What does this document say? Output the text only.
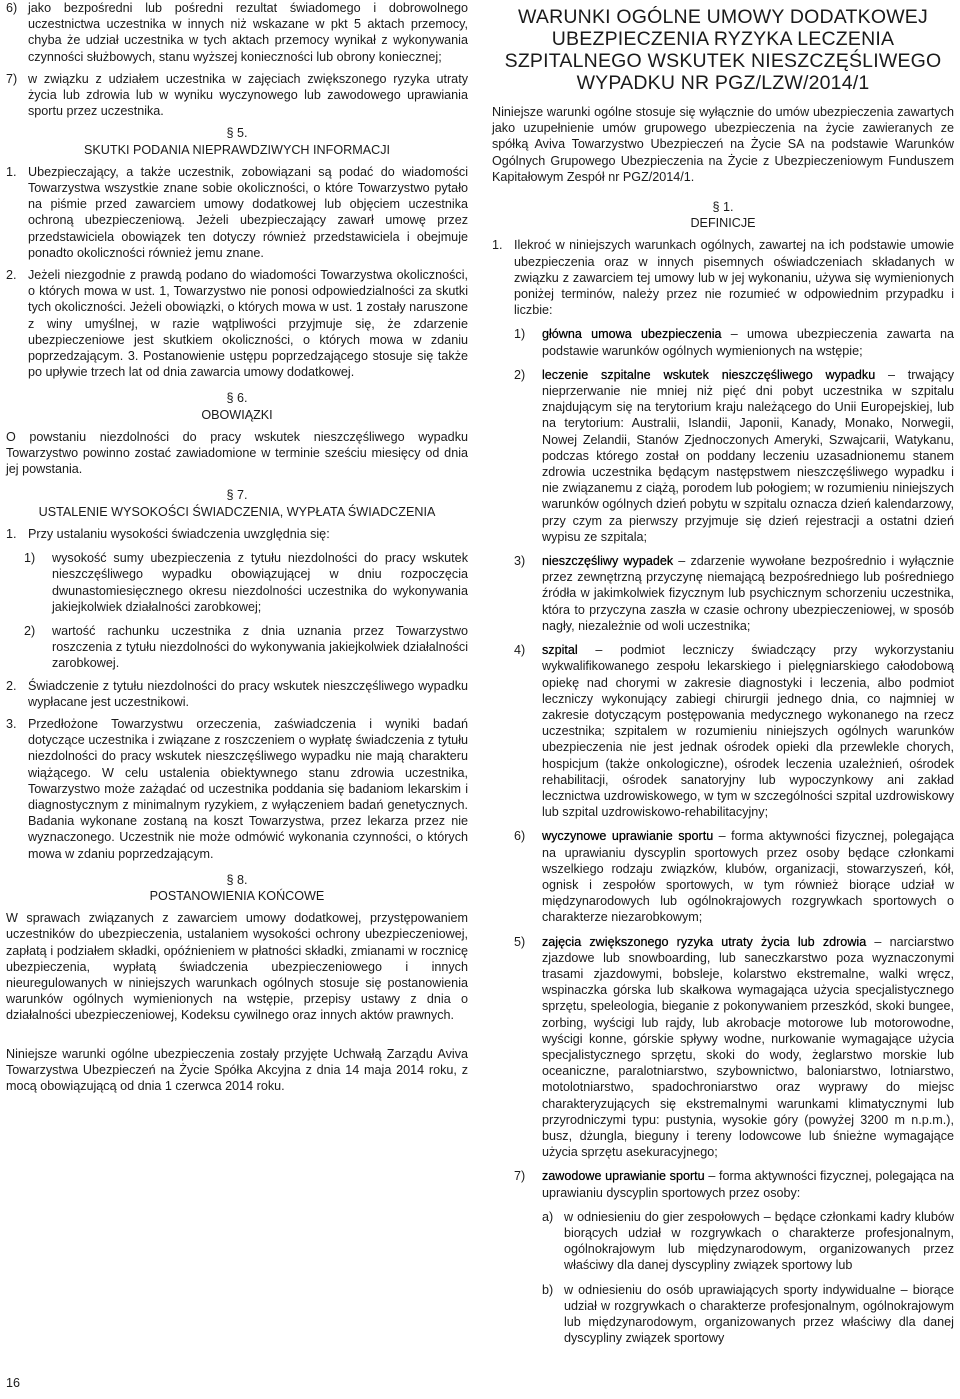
6) jako bezpośredni lub pośredni rezultat świadomego i dobrowolnego uczestnictwa uczestnika w innych niż wskazane w pkt 5 aktach przemocy, chyba że udział uczestnika w tych aktach przemocy wynikał z wykonywania czynności służbowych, stanu wyższej konieczności lub obrony koniecznej;
7) w związku z udziałem uczestnika w zajęciach zwiększonego ryzyka utraty życia lub zdrowia lub w wyniku wyczynowego lub zawodowego uprawiania sportu przez uczestnika.
§ 5.
SKUTKI PODANIA NIEPRAWDZIWYCH INFORMACJI
1. Ubezpieczający, a także uczestnik, zobowiązani są podać do wiadomości Towarzystwa wszystkie znane sobie okoliczności, o które Towarzystwo pytało na piśmie przed zawarciem umowy dodatkowej lub objęciem uczestnika ochroną ubezpieczeniową. Jeżeli ubezpieczający zawarł umowę przez przedstawiciela obowiązek ten dotyczy również przedstawiciela i obejmuje ponadto okoliczności również jemu znane.
2. Jeżeli niezgodnie z prawdą podano do wiadomości Towarzystwa okoliczności, o których mowa w ust. 1, Towarzystwo nie ponosi odpowiedzialności za skutki tych okoliczności. Jeżeli obowiązki, o których mowa w ust. 1 zostały naruszone z winy umyślnej, w razie wątpliwości przyjmuje się, że zdarzenie ubezpieczeniowe jest skutkiem okoliczności, o których mowa w zdaniu poprzedzającym. 3. Postanowienie ustępu poprzedzającego stosuje się także po upływie trzech lat od dnia zawarcia umowy dodatkowej.
§ 6.
OBOWIĄZKI
O powstaniu niezdolności do pracy wskutek nieszczęśliwego wypadku Towarzystwo powinno zostać zawiadomione w terminie sześciu miesięcy od dnia jej powstania.
§ 7.
USTALENIE WYSOKOŚCI ŚWIADCZENIA, WYPŁATA ŚWIADCZENIA
1. Przy ustalaniu wysokości świadczenia uwzględnia się:
1)	wysokość sumy ubezpieczenia z tytułu niezdolności do pracy wskutek nieszczęśliwego wypadku obowiązującej w dniu rozpoczęcia dwunastomiesięcznego okresu niezdolności uczestnika do wykonywania jakiejkolwiek działalności zarobkowej;
2)	wartość rachunku uczestnika z dnia uznania przez Towarzystwo roszczenia z tytułu niezdolności do wykonywania jakiejkolwiek działalności zarobkowej.
2. Świadczenie z tytułu niezdolności do pracy wskutek nieszczęśliwego wypadku wypłacane jest uczestnikowi.
3. Przedłożone Towarzystwu orzeczenia, zaświadczenia i wyniki badań dotyczące uczestnika i związane z roszczeniem o wypłatę świadczenia z tytułu niezdolności do pracy wskutek nieszczęśliwego wypadku nie mają charakteru wiążącego. W celu ustalenia obiektywnego stanu zdrowia uczestnika, Towarzystwo może zażądać od uczestnika poddania się badaniom lekarskim i diagnostycznym z minimalnym ryzykiem, z wyłączeniem badań genetycznych. Badania wykonane zostaną na koszt Towarzystwa, przez lekarza przez nie wyznaczonego. Uczestnik nie może odmówić wykonania czynności, o których mowa w zdaniu poprzedzającym.
§ 8.
POSTANOWIENIA KOŃCOWE
W sprawach związanych z zawarciem umowy dodatkowej, przystępowaniem uczestników do ubezpieczenia, ustalaniem wysokości ochrony ubezpieczeniowej, zapłatą i podziałem składki, opóźnieniem w płatności składki, zmianami w rocznicę ubezpieczenia, wypłatą świadczenia ubezpieczeniowego i innych nieuregulowanych w niniejszych warunkach ogólnych stosuje się postanowienia warunków ogólnych wymienionych na wstępie, przepisy ustawy z dnia o działalności ubezpieczeniowej, Kodeksu cywilnego oraz innych aktów prawnych.
Niniejsze warunki ogólne ubezpieczenia zostały przyjęte Uchwałą Zarządu Aviva Towarzystwa Ubezpieczeń na Życie Spółka Akcyjna z dnia 14 maja 2014 roku, z mocą obowiązującą od dnia 1 czerwca 2014 roku.
WARUNKI OGÓLNE UMOWY DODATKOWEJ UBEZPIECZENIA RYZYKA LECZENIA SZPITALNEGO WSKUTEK NIESZCZĘŚLIWEGO WYPADKU NR PGZ/LZW/2014/1
Niniejsze warunki ogólne stosuje się wyłącznie do umów ubezpieczenia zawartych jako uzupełnienie umów grupowego ubezpieczenia na życie zawieranych ze spółką Aviva Towarzystwo Ubezpieczeń na Życie SA na podstawie Warunków Ogólnych Grupowego Ubezpieczenia na Życie z Ubezpieczeniowym Funduszem Kapitałowym Zespół nr PGZ/2014/1.
§ 1.
DEFINICJE
1. Ilekroć w niniejszych warunkach ogólnych, zawartej na ich podstawie umowie ubezpieczenia oraz w innych pisemnych oświadczeniach składanych w związku z zawarciem tej umowy lub w jej wykonaniu, używa się wymienionych poniżej terminów, należy przez nie rozumieć w odpowiednim przypadku i liczbie:
1)	główna umowa ubezpieczenia – umowa ubezpieczenia zawarta na podstawie warunków ogólnych wymienionych na wstępie;
2)	leczenie szpitalne wskutek nieszczęśliwego wypadku – trwający nieprzerwanie nie mniej niż pięć dni pobyt uczestnika w szpitalu znajdującym się na terytorium kraju należącego do Unii Europejskiej, lub na terytorium: Australii, Islandii, Japonii, Kanady, Monako, Norwegii, Nowej Zelandii, Stanów Zjednoczonych Ameryki, Szwajcarii, Watykanu, podczas którego został on poddany leczeniu uzasadnionemu stanem zdrowia uczestnika będącym następstwem nieszczęśliwego wypadku i nie związanemu z ciążą, porodem lub połogiem; w rozumieniu niniejszych warunków ogólnych dzień pobytu w szpitalu oznacza dzień kalendarzowy, przy czym za pierwszy przyjmuje się dzień rejestracji a ostatni dzień wypisu ze szpitala;
3)	nieszczęśliwy wypadek – zdarzenie wywołane bezpośrednio i wyłącznie przez zewnętrzną przyczynę niemającą bezpośredniego lub pośredniego źródła w jakimkolwiek fizycznym lub psychicznym schorzeniu uczestnika, która to przyczyna zaszła w czasie ochrony ubezpieczeniowej, w sposób nagły, niezależnie od woli uczestnika;
4)	szpital – podmiot leczniczy świadczący przy wykorzystaniu wykwalifikowanego zespołu lekarskiego i pielęgniarskiego całodobową opiekę nad chorymi w zakresie diagnostyki i leczenia, albo podmiot leczniczy wykonujący zabiegi chirurgii jednego dnia, co najmniej w zakresie dotyczącym postępowania medycznego wykonanego na rzecz uczestnika; szpitalem w rozumieniu niniejszych ogólnych warunków ubezpieczenia nie jest jednak ośrodek opieki dla przewlekle chorych, hospicjum (także onkologiczne), ośrodek leczenia uzależnień, ośrodek rehabilitacji, ośrodek sanatoryjny lub wypoczynkowy ani zakład lecznictwa uzdrowiskowego, w tym w szczególności szpital uzdrowiskowy lub szpital uzdrowiskowo-rehabilitacyjny;
6)	wyczynowe uprawianie sportu – forma aktywności fizycznej, polegająca na uprawianiu dyscyplin sportowych przez osoby będące członkami wszelkiego rodzaju związków, klubów, organizacji, stowarzyszeń, kół, ognisk i zespołów sportowych, w tym również biorące udział w międzynarodowych lub ogólnokrajowych rozgrywkach sportowych o charakterze niezarobkowym;
5)	zajęcia zwiększonego ryzyka utraty życia lub zdrowia – narciarstwo zjazdowe lub snowboarding, lub saneczkarstwo poza wyznaczonymi trasami zjazdowymi, bobsleje, kolarstwo ekstremalne, walki wręcz, wspinaczka górska lub skałkowa wymagająca użycia specjalistycznego sprzętu, speleologia, bieganie z pokonywaniem przeszkód, skoki bungee, zorbing, wyścigi lub rajdy, lub akrobacje motorowe lub motorowodne, wyścigi konne, górskie spływy wodne, nurkowanie wymagające użycia specjalistycznego sprzętu, skoki do wody, żeglarstwo morskie lub oceaniczne, paralotniarstwo, szybownictwo, baloniarstwo, lotniarstwo, motolotniarstwo, spadochroniarstwo oraz wyprawy do miejsc charakteryzujących się ekstremalnymi warunkami klimatycznymi lub przyrodniczymi typu: pustynia, wysokie góry (powyżej 3200 m n.p.m.), busz, dżungla, bieguny i tereny lodowcowe lub śnieżne wymagające użycia sprzętu asekuracyjnego;
7)	zawodowe uprawianie sportu – forma aktywności fizycznej, polegająca na uprawianiu dyscyplin sportowych przez osoby:
a) w odniesieniu do gier zespołowych – będące członkami kadry klubów biorących udział w rozgrywkach o charakterze profesjonalnym, ogólnokrajowym lub międzynarodowym, organizowanych przez właściwy dla danej dyscypliny związek sportowy lub
b) w odniesieniu do osób uprawiających sporty indywidualne – biorące udział w rozgrywkach o charakterze profesjonalnym, ogólnokrajowym lub międzynarodowym, organizowanych przez właściwy dla danej dyscypliny związek sportowy
16
